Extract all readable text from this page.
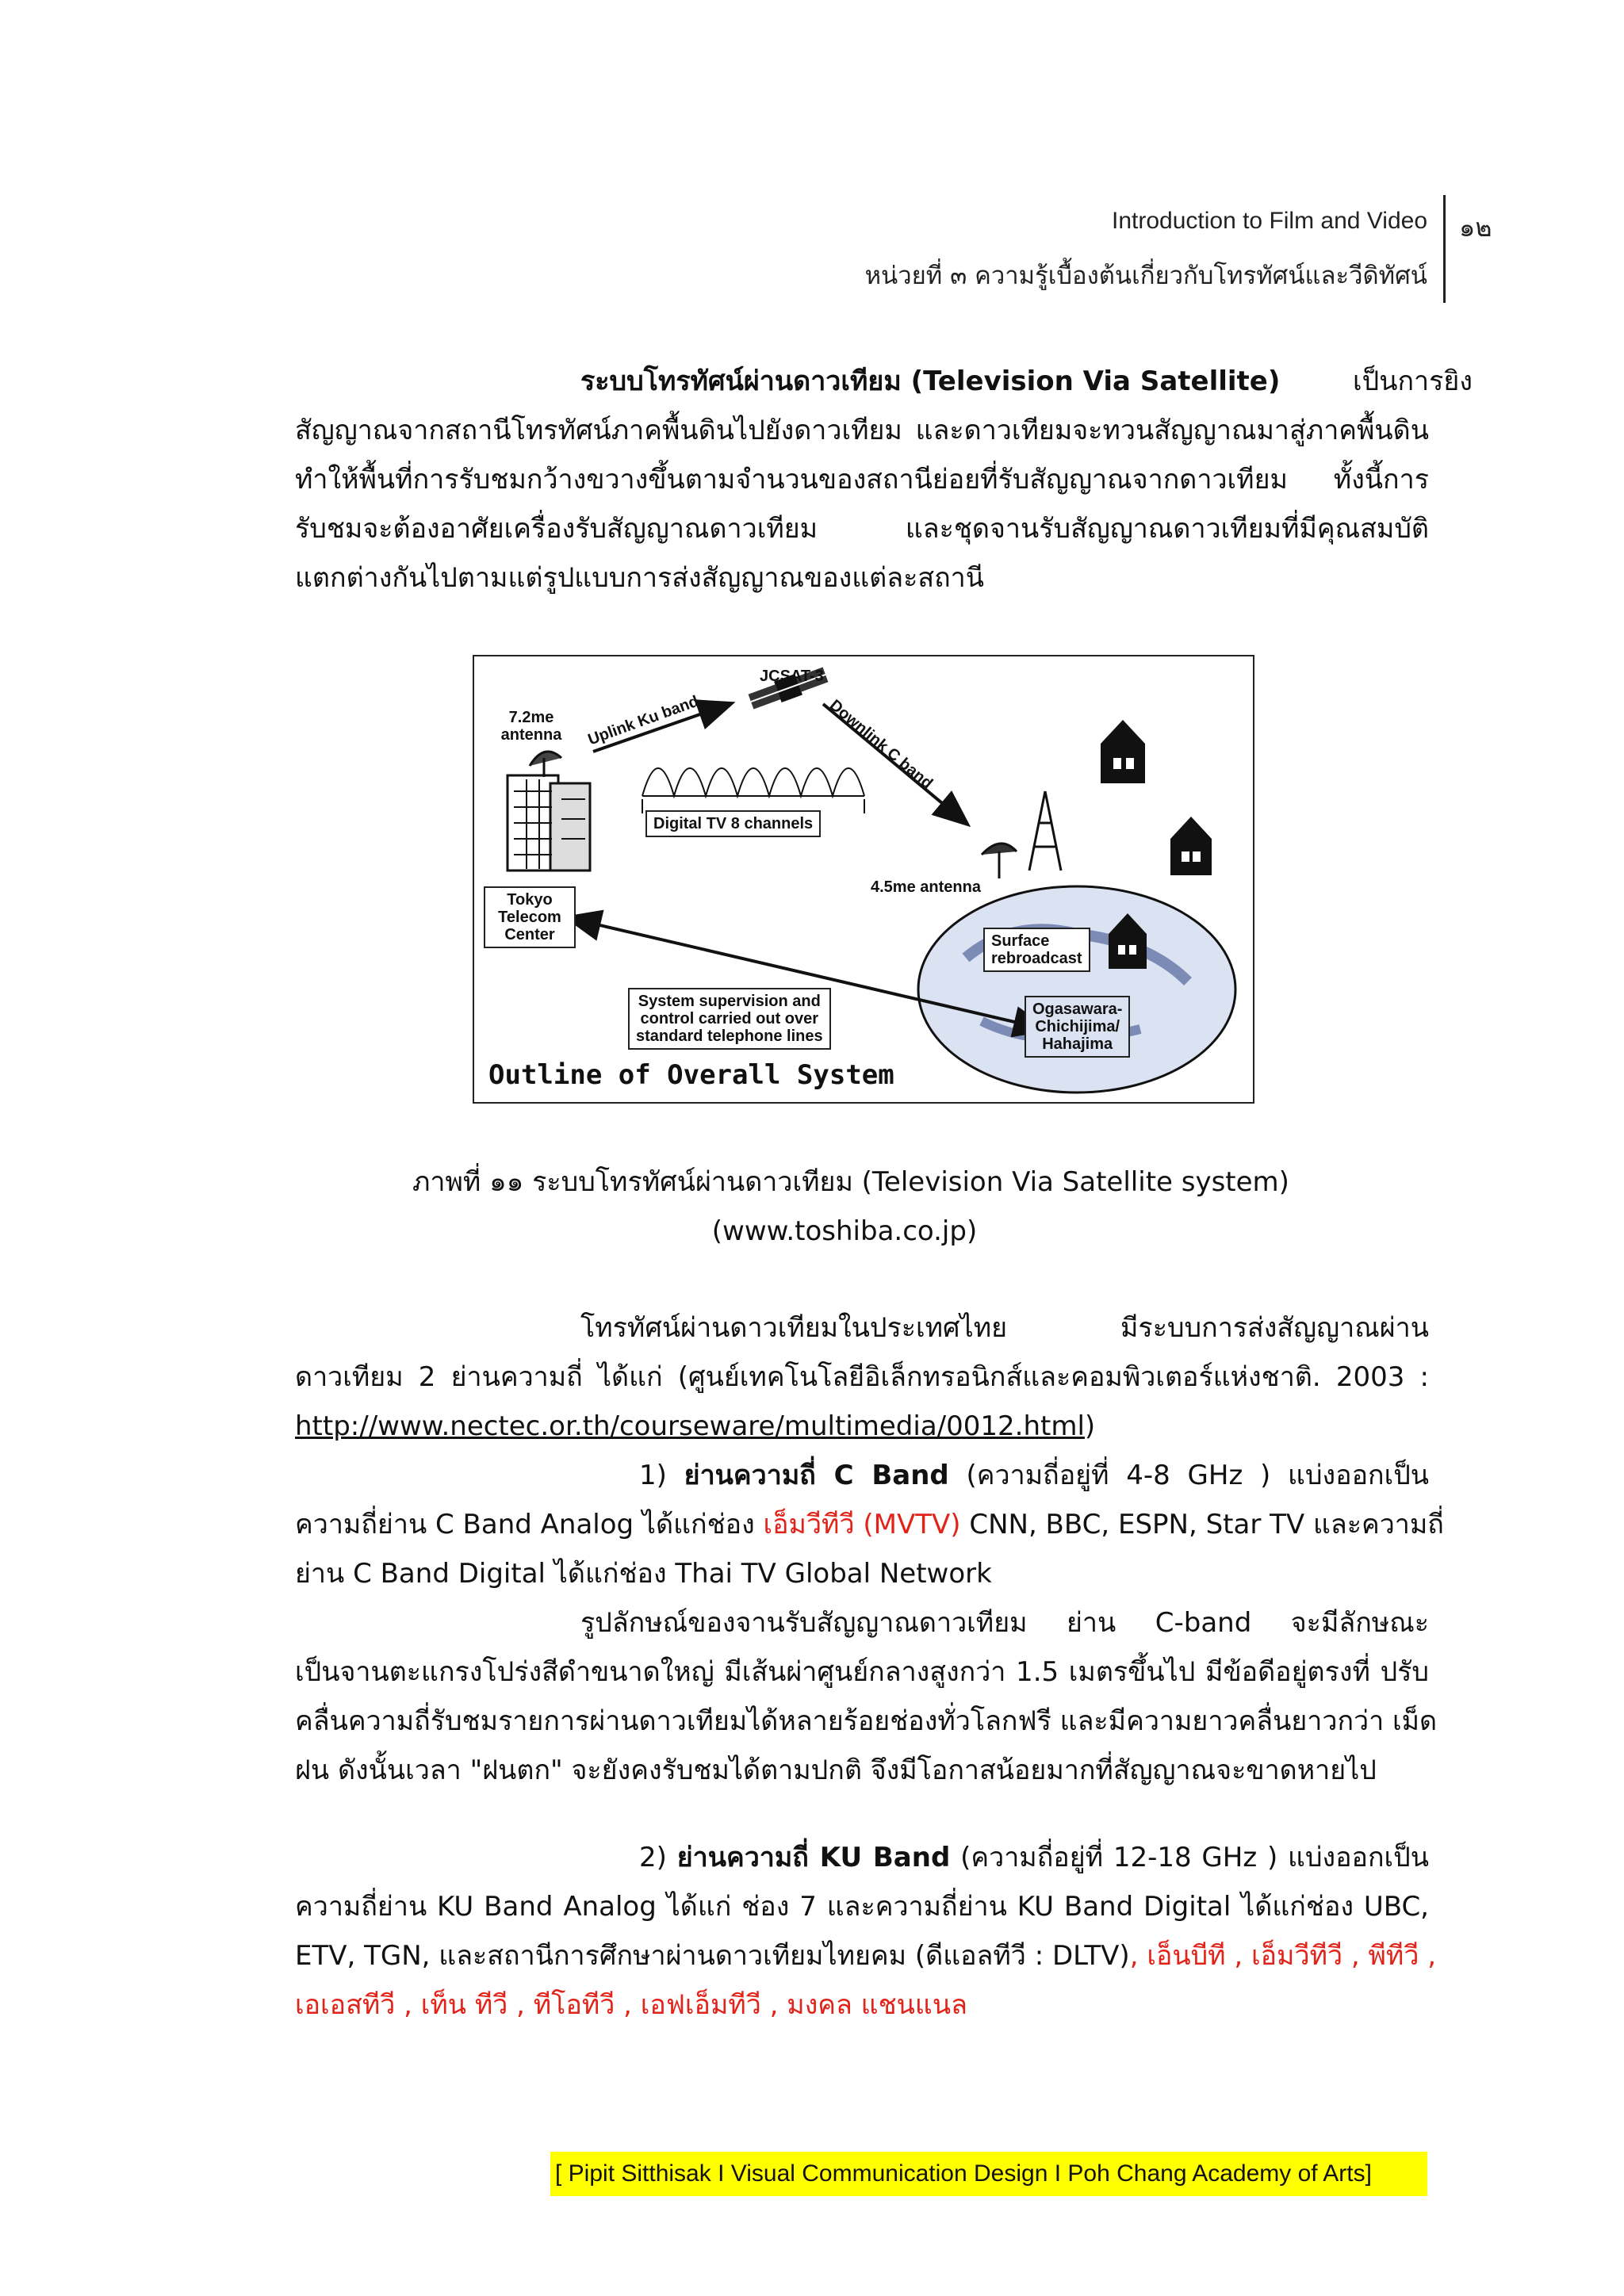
Introduction to Film and Video
หน่วยที่ ๓ ความรู้เบื้องต้นเกี่ยวกับโทรทัศน์และวีดิทัศน์
๑๒
ระบบโทรทัศน์ผ่านดาวเทียม (Television Via Satellite)	เป็นการยิง
สัญญาณจากสถานีโทรทัศน์ภาคพื้นดินไปยังดาวเทียม และดาวเทียมจะทวนสัญญาณมาสู่ภาคพื้นดิน
ทำให้พื้นที่การรับชมกว้างขวางขึ้นตามจำนวนของสถานีย่อยที่รับสัญญาณจากดาวเทียม ทั้งนี้การ
รับชมจะต้องอาศัยเครื่องรับสัญญาณดาวเทียม และชุดจานรับสัญญาณดาวเทียมที่มีคุณสมบัติ
แตกต่างกันไปตามแต่รูปแบบการส่งสัญญาณของแต่ละสถานี
JCSAT-3
Uplink Ku band	Downlink C band
7.2me
antenna
Digital TV 8 channels
4.5me antenna
Tokyo
Telecom
Center	Surface
rebroadcast
System supervision and
control carried out over
standard telephone lines
Ogasawara-
Chichijima/
Hahajima
Outline of Overall System
ภาพที่ ๑๑ ระบบโทรทัศน์ผ่านดาวเทียม (Television Via Satellite system)
(www.toshiba.co.jp)
โทรทัศน์ผ่านดาวเทียมในประเทศไทย มีระบบการส่งสัญญาณผ่าน
ดาวเทียม 2 ย่านความถี่ ได้แก่ (ศูนย์เทคโนโลยีอิเล็กทรอนิกส์และคอมพิวเตอร์แห่งชาติ. 2003 :
http://www.nectec.or.th/courseware/multimedia/0012.html)
1) ย่านความถี่ C Band (ความถี่อยู่ที่ 4-8 GHz ) แบ่งออกเป็น
ความถี่ย่าน C Band Analog ได้แก่ช่อง เอ็มวีทีวี (MVTV) CNN, BBC, ESPN, Star TV และความถี่
ย่าน C Band Digital ได้แก่ช่อง Thai TV Global Network
รูปลักษณ์ของจานรับสัญญาณดาวเทียม ย่าน C-band จะมีลักษณะ
เป็นจานตะแกรงโปร่งสีดำขนาดใหญ่ มีเส้นผ่าศูนย์กลางสูงกว่า 1.5 เมตรขึ้นไป มีข้อดีอยู่ตรงที่ ปรับ
คลื่นความถี่รับชมรายการผ่านดาวเทียมได้หลายร้อยช่องทั่วโลกฟรี และมีความยาวคลื่นยาวกว่า เม็ด
ฝน ดังนั้นเวลา "ฝนตก" จะยังคงรับชมได้ตามปกติ จึงมีโอกาสน้อยมากที่สัญญาณจะขาดหายไป
2) ย่านความถี่ KU Band (ความถี่อยู่ที่ 12-18 GHz ) แบ่งออกเป็น
ความถี่ย่าน KU Band Analog ได้แก่ ช่อง 7 และความถี่ย่าน KU Band Digital ได้แก่ช่อง UBC,
ETV, TGN, และสถานีการศึกษาผ่านดาวเทียมไทยคม (ดีแอลทีวี : DLTV), เอ็นบีที , เอ็มวีทีวี , พีทีวี ,
เอเอสทีวี , เท็น ทีวี , ทีโอทีวี , เอฟเอ็มทีวี , มงคล แชนแนล
[ Pipit Sitthisak I Visual Communication Design I Poh Chang Academy of Arts]
